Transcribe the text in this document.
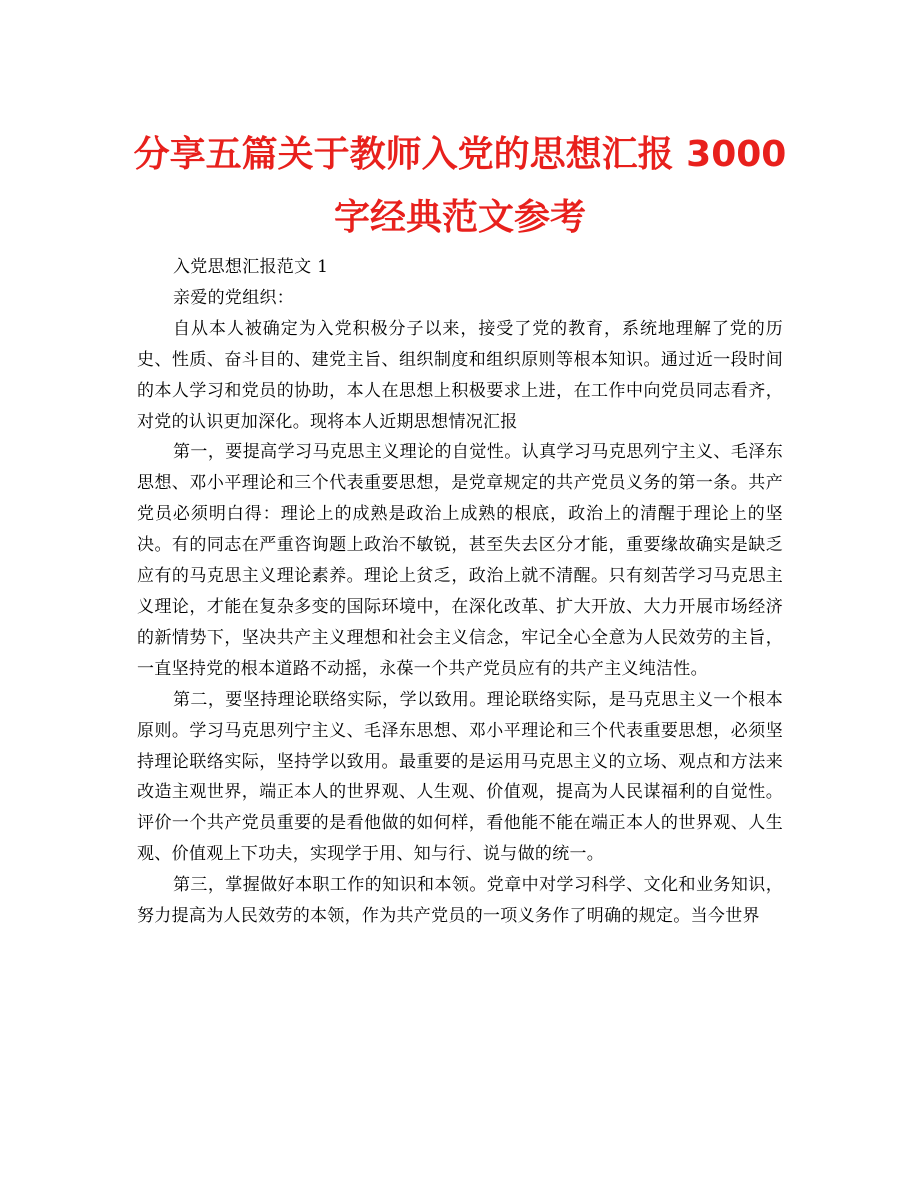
分享五篇关于教师入党的思想汇报 3000
字经典范文参考

入党思想汇报范文 1

亲爱的党组织：

自从本人被确定为入党积极分子以来，接受了党的教育，系统地理解了党的历史、性质、奋斗目的、建党主旨、组织制度和组织原则等根本知识。通过近一段时间的本人学习和党员的协助，本人在思想上积极要求上进，在工作中向党员同志看齐，对党的认识更加深化。现将本人近期思想情况汇报

第一，要提高学习马克思主义理论的自觉性。认真学习马克思列宁主义、毛泽东思想、邓小平理论和三个代表重要思想，是党章规定的共产党员义务的第一条。共产党员必须明白得：理论上的成熟是政治上成熟的根底，政治上的清醒于理论上的坚决。有的同志在严重咨询题上政治不敏锐，甚至失去区分才能，重要缘故确实是缺乏应有的马克思主义理论素养。理论上贫乏，政治上就不清醒。只有刻苦学习马克思主义理论，才能在复杂多变的国际环境中，在深化改革、扩大开放、大力开展市场经济的新情势下，坚决共产主义理想和社会主义信念，牢记全心全意为人民效劳的主旨，一直坚持党的根本道路不动摇，永葆一个共产党员应有的共产主义纯洁性。

第二，要坚持理论联络实际，学以致用。理论联络实际，是马克思主义一个根本原则。学习马克思列宁主义、毛泽东思想、邓小平理论和三个代表重要思想，必须坚持理论联络实际，坚持学以致用。最重要的是运用马克思主义的立场、观点和方法来改造主观世界，端正本人的世界观、人生观、价值观，提高为人民谋福利的自觉性。评价一个共产党员重要的是看他做的如何样，看他能不能在端正本人的世界观、人生观、价值观上下功夫，实现学于用、知与行、说与做的统一。

第三，掌握做好本职工作的知识和本领。党章中对学习科学、文化和业务知识，努力提高为人民效劳的本领，作为共产党员的一项义务作了明确的规定。当今世界
